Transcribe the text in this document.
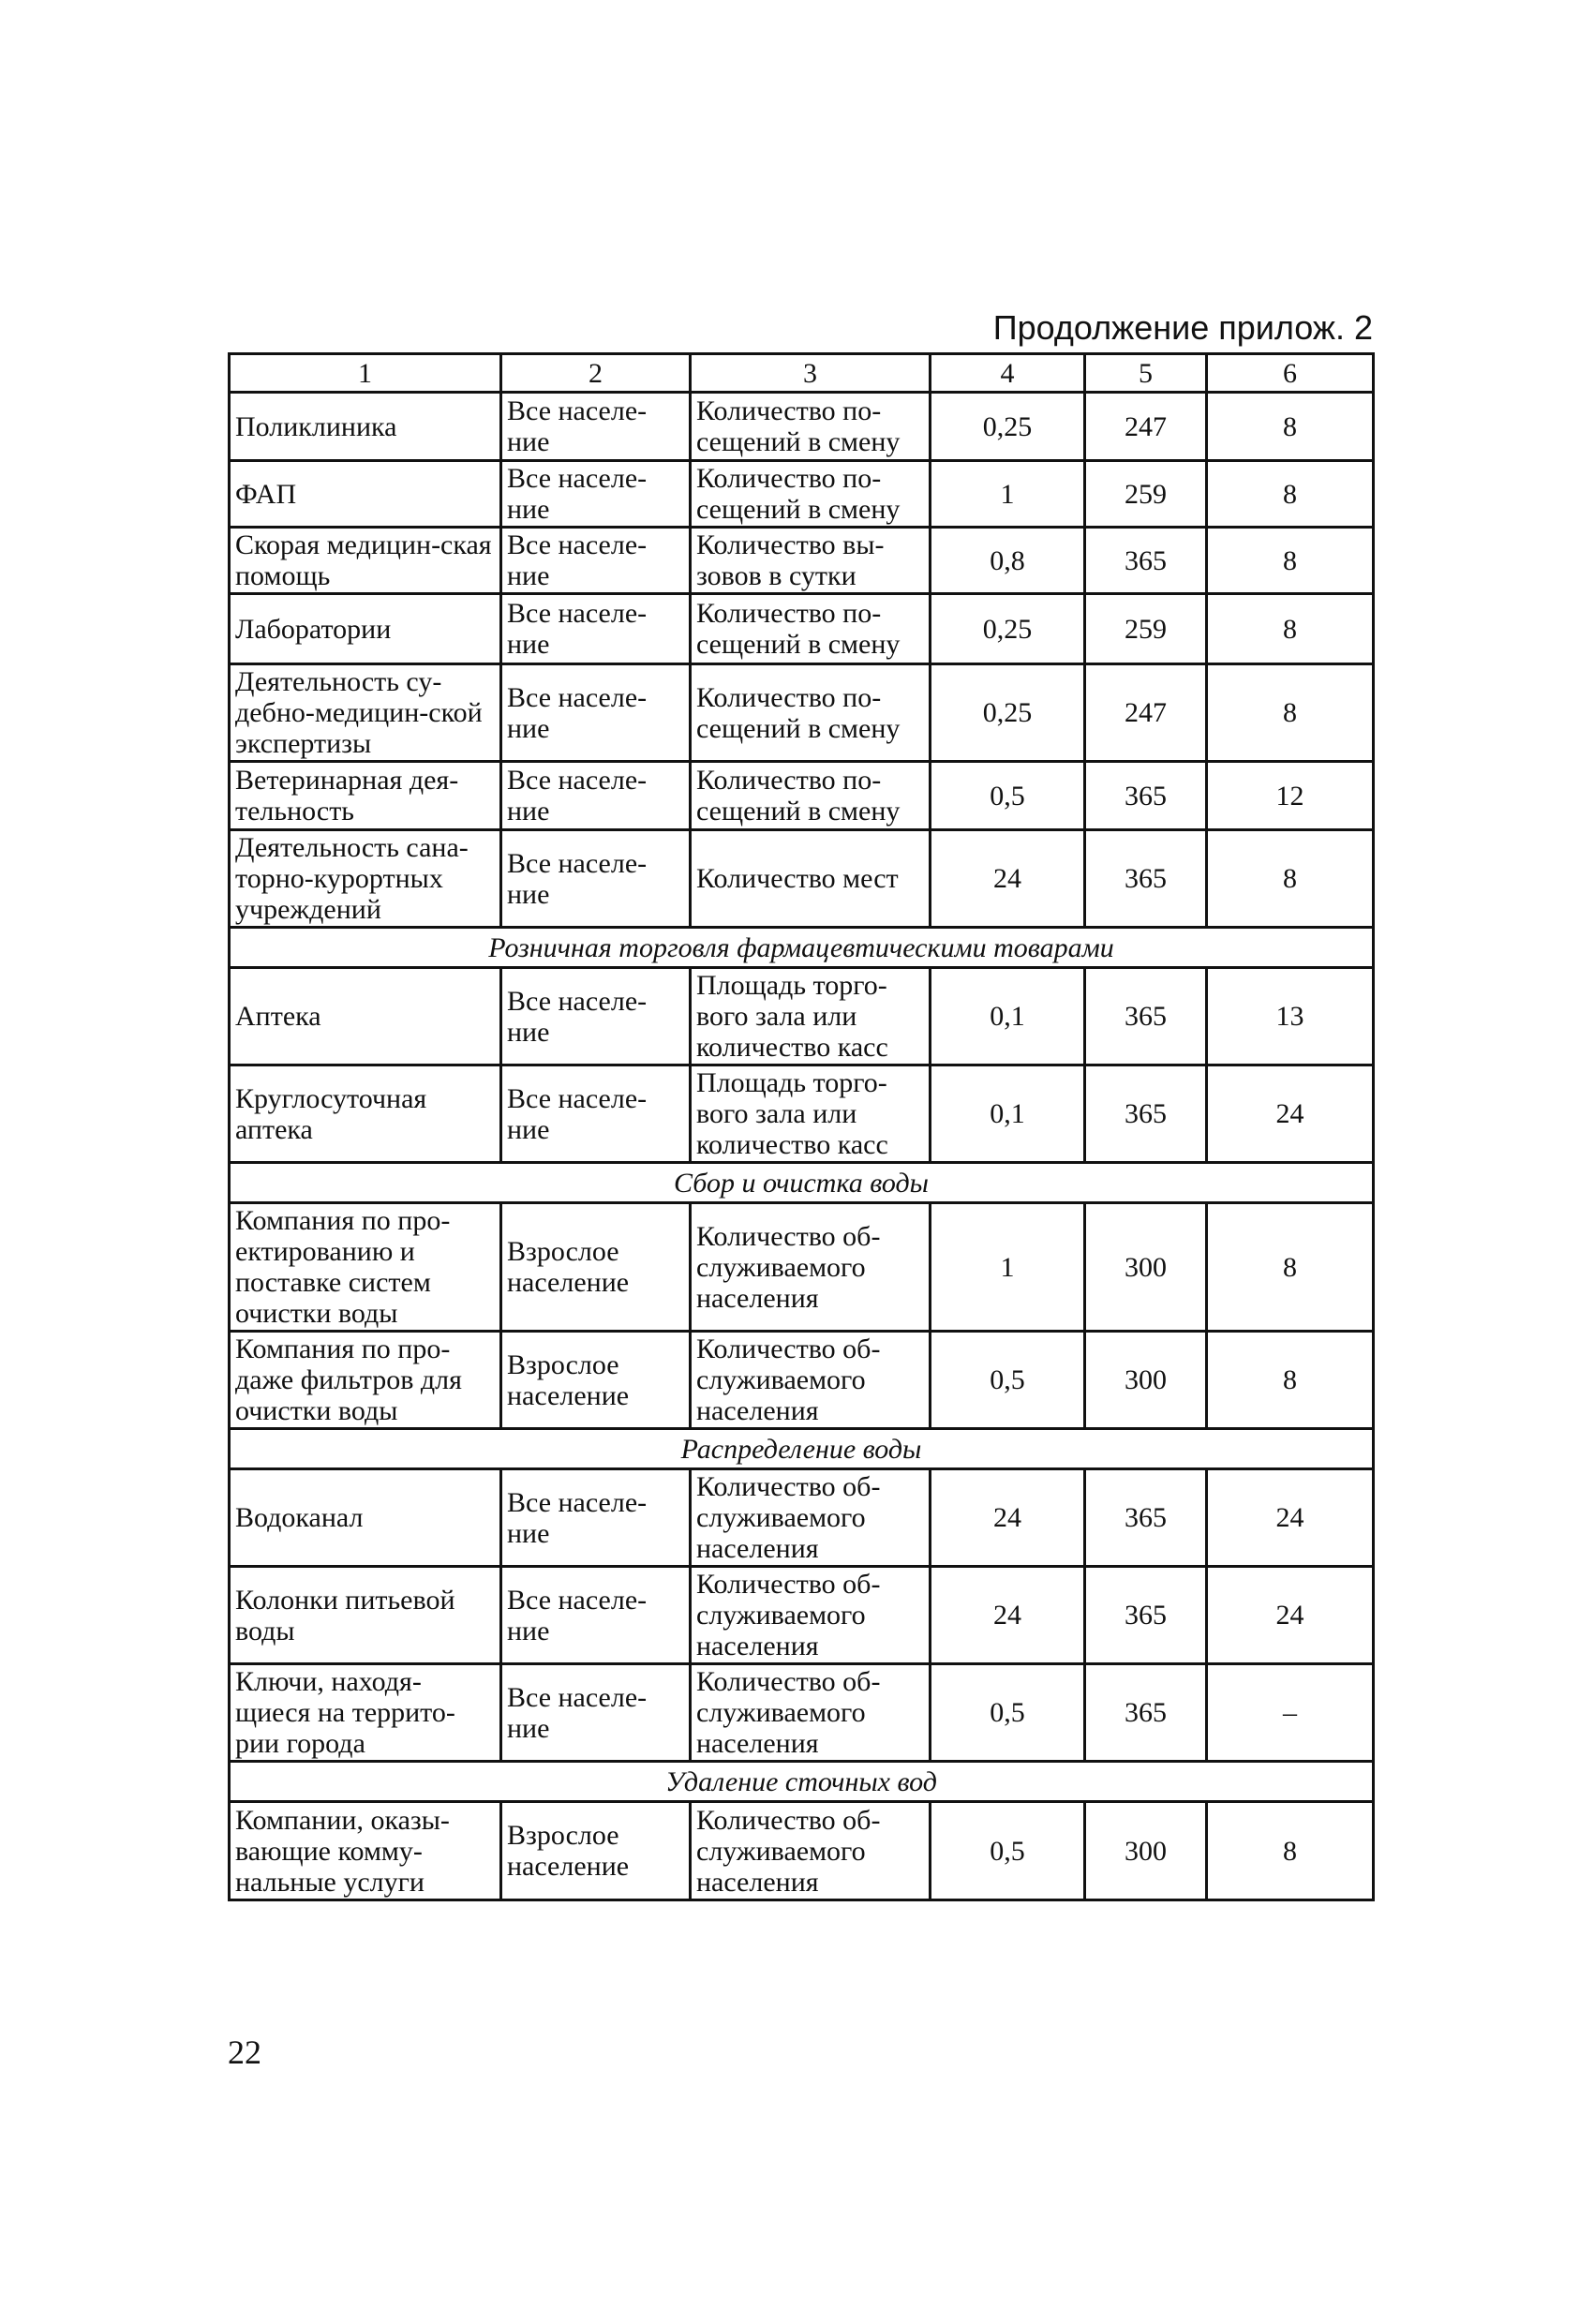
Продолжение прилож. 2
1	2	3	4	5	6
Поликлиника	Все населе-ние	Количество по-сещений в смену	0,25	247	8
ФАП	Все населе-ние	Количество по-сещений в смену	1	259	8
Скорая медицин-ская помощь	Все населе-ние	Количество вы-зовов в сутки	0,8	365	8
Лаборатории	Все населе-ние	Количество по-сещений в смену	0,25	259	8
Деятельность су-дебно-медицин-ской экспертизы	Все населе-ние	Количество по-сещений в смену	0,25	247	8
Ветеринарная дея-тельность	Все населе-ние	Количество по-сещений в смену	0,5	365	12
Деятельность сана-торно-курортных учреждений	Все населе-ние	Количество мест	24	365	8
Розничная торговля фармацевтическими товарами					
Аптека	Все населе-ние	Площадь торго-вого зала или количество касс	0,1	365	13
Круглосуточная аптека	Все населе-ние	Площадь торго-вого зала или количество касс	0,1	365	24
Сбор и очистка воды					
Компания по про-ектированию и поставке систем очистки воды	Взрослое население	Количество об-служиваемого населения	1	300	8
Компания по про-даже фильтров для очистки воды	Взрослое население	Количество об-служиваемого населения	0,5	300	8
Распределение воды					
Водоканал	Все населе-ние	Количество об-служиваемого населения	24	365	24
Колонки питьевой воды	Все населе-ние	Количество об-служиваемого населения	24	365	24
Ключи, находя-щиеся на террито-рии города	Все населе-ние	Количество об-служиваемого населения	0,5	365	–
Удаление сточных вод					
Компании, оказы-вающие комму-нальные услуги	Взрослое население	Количество об-служиваемого населения	0,5	300	8
22
